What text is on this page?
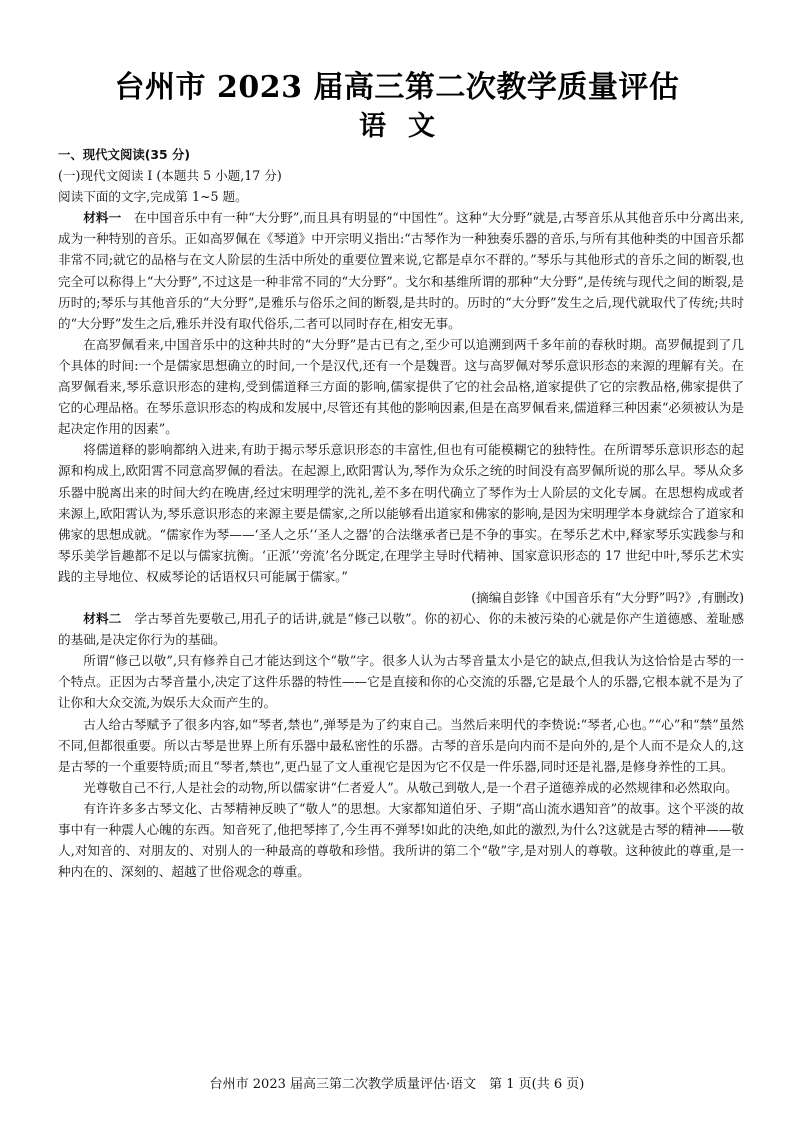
台州市 2023 届高三第二次教学质量评估
语文

一、现代文阅读(35 分)

(一)现代文阅读 I (本题共 5 小题,17 分)

阅读下面的文字,完成第 1~5 题。

材料一　 在中国音乐中有一种“大分野”,而且具有明显的“中国性”。这种“大分野”就是,古琴音乐从其他音乐中分离出来,成为一种特别的音乐。正如高罗佩在《琴道》中开宗明义指出:“古琴作为一种独奏乐器的音乐,与所有其他种类的中国音乐都非常不同;就它的品格与在文人阶层的生活中所处的重要位置来说,它都是卓尔不群的。”琴乐与其他形式的音乐之间的断裂,也完全可以称得上“大分野”,不过这是一种非常不同的“大分野”。戈尔和基维所谓的那种“大分野”,是传统与现代之间的断裂,是历时的;琴乐与其他音乐的“大分野”,是雅乐与俗乐之间的断裂,是共时的。历时的“大分野”发生之后,现代就取代了传统;共时的“大分野”发生之后,雅乐并没有取代俗乐,二者可以同时存在,相安无事。

在高罗佩看来,中国音乐中的这种共时的“大分野”是古已有之,至少可以追溯到两千多年前的春秋时期。高罗佩提到了几个具体的时间:一个是儒家思想确立的时间,一个是汉代,还有一个是魏晋。这与高罗佩对琴乐意识形态的来源的理解有关。在高罗佩看来,琴乐意识形态的建构,受到儒道释三方面的影响,儒家提供了它的社会品格,道家提供了它的宗教品格,佛家提供了它的心理品格。在琴乐意识形态的构成和发展中,尽管还有其他的影响因素,但是在高罗佩看来,儒道释三种因素“必须被认为是起决定作用的因素”。

将儒道释的影响都纳入进来,有助于揭示琴乐意识形态的丰富性,但也有可能模糊它的独特性。在所谓琴乐意识形态的起源和构成上,欧阳霄不同意高罗佩的看法。在起源上,欧阳霄认为,琴作为众乐之统的时间没有高罗佩所说的那么早。琴从众多乐器中脱离出来的时间大约在晚唐,经过宋明理学的洗礼,差不多在明代确立了琴作为士人阶层的文化专属。在思想构成或者来源上,欧阳霄认为,琴乐意识形态的来源主要是儒家,之所以能够看出道家和佛家的影响,是因为宋明理学本身就综合了道家和佛家的思想成就。“儒家作为琴——‘圣人之乐’‘圣人之器’的合法继承者已是不争的事实。在琴乐艺术中,释家琴乐实践参与和琴乐美学旨趣都不足以与儒家抗衡。‘正派’‘旁流’名分既定,在理学主导时代精神、国家意识形态的 17 世纪中叶,琴乐艺术实践的主导地位、权威琴论的话语权只可能属于儒家。”

(摘编自彭锋《中国音乐有“大分野”吗?》,有删改)

材料二　 学古琴首先要敬己,用孔子的话讲,就是“修己以敬”。你的初心、你的未被污染的心就是你产生道德感、羞耻感的基础,是决定你行为的基础。

所谓“修己以敬”,只有修养自己才能达到这个“敬”字。很多人认为古琴音量太小是它的缺点,但我认为这恰恰是古琴的一个特点。正因为古琴音量小,决定了这件乐器的特性——它是直接和你的心交流的乐器,它是最个人的乐器,它根本就不是为了让你和大众交流,为娱乐大众而产生的。

古人给古琴赋予了很多内容,如“琴者,禁也”,弹琴是为了约束自己。当然后来明代的李贽说:“琴者,心也。”“心”和“禁”虽然不同,但都很重要。所以古琴是世界上所有乐器中最私密性的乐器。古琴的音乐是向内而不是向外的,是个人而不是众人的,这是古琴的一个重要特质;而且“琴者,禁也”,更凸显了文人重视它是因为它不仅是一件乐器,同时还是礼器,是修身养性的工具。

光尊敬自己不行,人是社会的动物,所以儒家讲“仁者爱人”。从敬己到敬人,是一个君子道德养成的必然规律和必然取向。

有许许多多古琴文化、古琴精神反映了“敬人”的思想。大家都知道伯牙、子期“高山流水遇知音”的故事。这个平淡的故事中有一种震人心魄的东西。知音死了,他把琴摔了,今生再不弹琴!如此的决绝,如此的激烈,为什么?这就是古琴的精神——敬人,对知音的、对朋友的、对别人的一种最高的尊敬和珍惜。我所讲的第二个“敬”字,是对别人的尊敬。这种彼此的尊重,是一种内在的、深刻的、超越了世俗观念的尊重。

台州市 2023 届高三第二次教学质量评估·语文　第 1 页(共 6 页)
